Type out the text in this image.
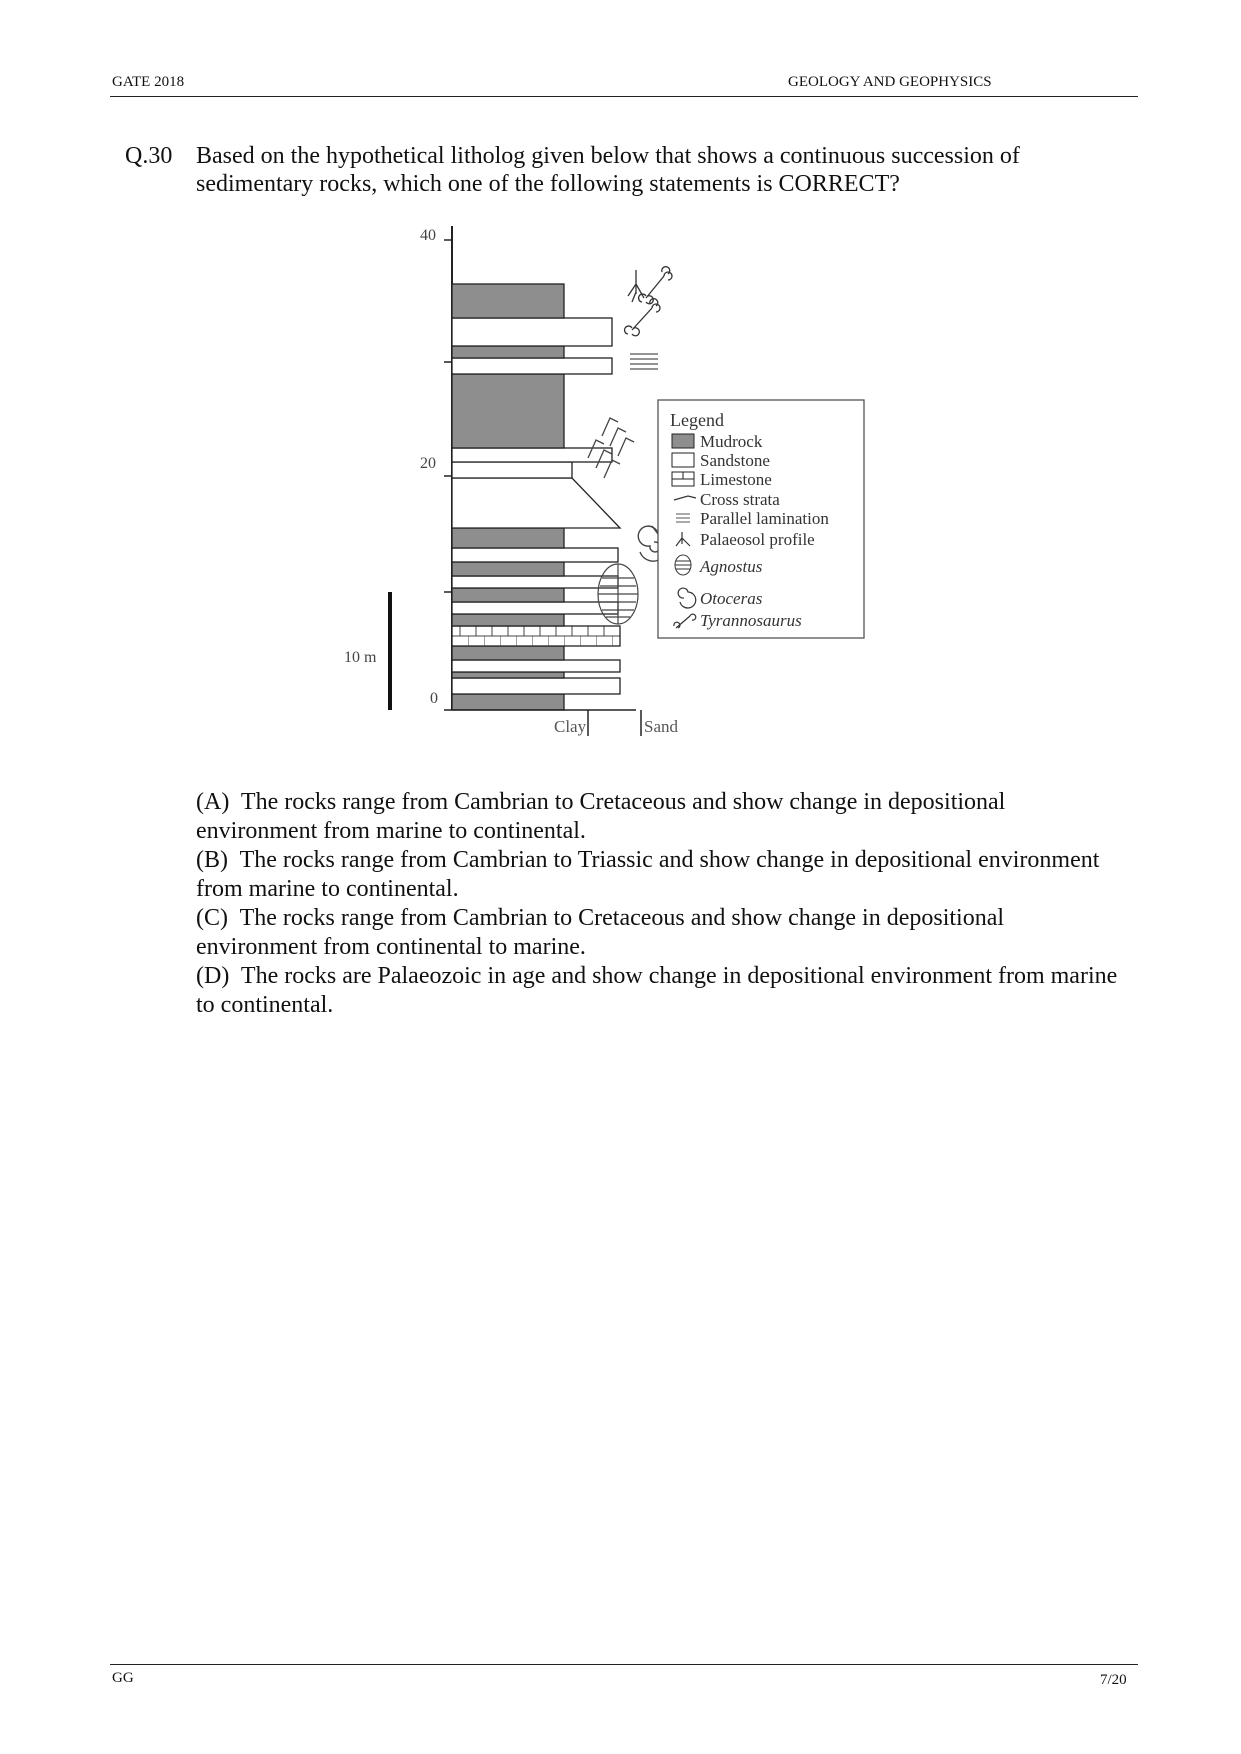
GATE 2018	GEOLOGY AND GEOPHYSICS
Q.30 Based on the hypothetical litholog given below that shows a continuous succession of sedimentary rocks, which one of the following statements is CORRECT?
40
20
0
10 m
Clay	Sand
Legend
Mudrock
Sandstone
Limestone
Cross strata
Parallel lamination
Palaeosol profile
Agnostus
Otoceras
Tyrannosaurus

(A) The rocks range from Cambrian to Cretaceous and show change in depositional environment from marine to continental.

(B) The rocks range from Cambrian to Triassic and show change in depositional environment from marine to continental.

(C) The rocks range from Cambrian to Cretaceous and show change in depositional environment from continental to marine.

(D) The rocks are Palaeozoic in age and show change in depositional environment from marine to continental.

GG	7/20
